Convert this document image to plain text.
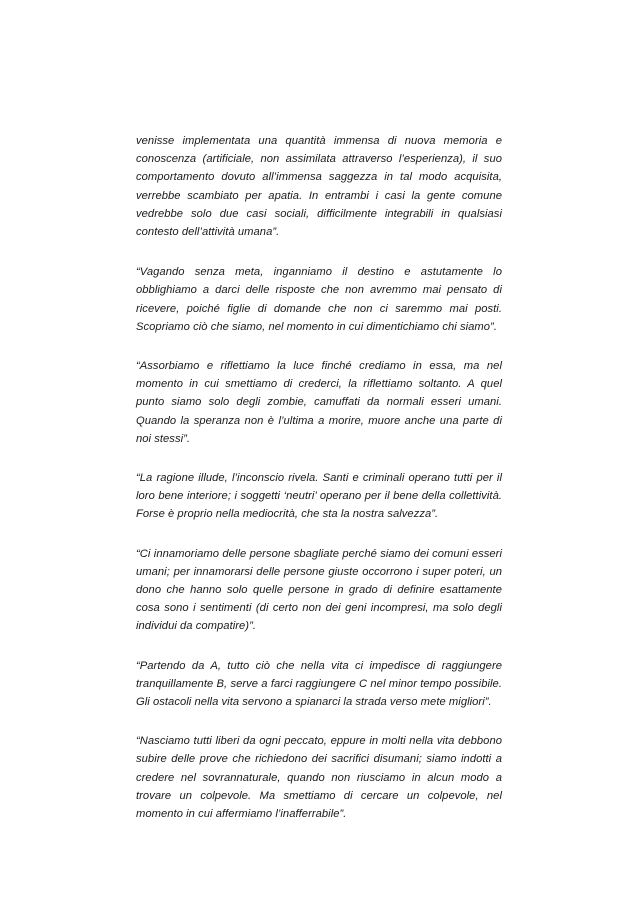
venisse implementata una quantità immensa di nuova memoria e conoscenza (artificiale, non assimilata attraverso l’esperienza), il suo comportamento dovuto all’immensa saggezza in tal modo acquisita, verrebbe scambiato per apatia. In entrambi i casi la gente comune vedrebbe solo due casi sociali, difficilmente integrabili in qualsiasi contesto dell’attività umana”.

“Vagando senza meta, inganniamo il destino e astutamente lo obblighiamo a darci delle risposte che non avremmo mai pensato di ricevere, poiché figlie di domande che non ci saremmo mai posti. Scopriamo ciò che siamo, nel momento in cui dimentichiamo chi siamo”.

“Assorbiamo e riflettiamo la luce finché crediamo in essa, ma nel momento in cui smettiamo di crederci, la riflettiamo soltanto. A quel punto siamo solo degli zombie, camuffati da normali esseri umani. Quando la speranza non è l’ultima a morire, muore anche una parte di noi stessi”.

“La ragione illude, l’inconscio rivela. Santi e criminali operano tutti per il loro bene interiore; i soggetti ‘neutri’ operano per il bene della collettività. Forse è proprio nella mediocrità, che sta la nostra salvezza”.

“Ci innamoriamo delle persone sbagliate perché siamo dei comuni esseri umani; per innamorarsi delle persone giuste occorrono i super poteri, un dono che hanno solo quelle persone in grado di definire esattamente cosa sono i sentimenti (di certo non dei geni incompresi, ma solo degli individui da compatire)”.

“Partendo da A, tutto ciò che nella vita ci impedisce di raggiungere tranquillamente B, serve a farci raggiungere C nel minor tempo possibile. Gli ostacoli nella vita servono a spianarci la strada verso mete migliori”.

“Nasciamo tutti liberi da ogni peccato, eppure in molti nella vita debbono subire delle prove che richiedono dei sacrifici disumani; siamo indotti a credere nel sovrannaturale, quando non riusciamo in alcun modo a trovare un colpevole. Ma smettiamo di cercare un colpevole, nel momento in cui affermiamo l’inafferrabile”.
